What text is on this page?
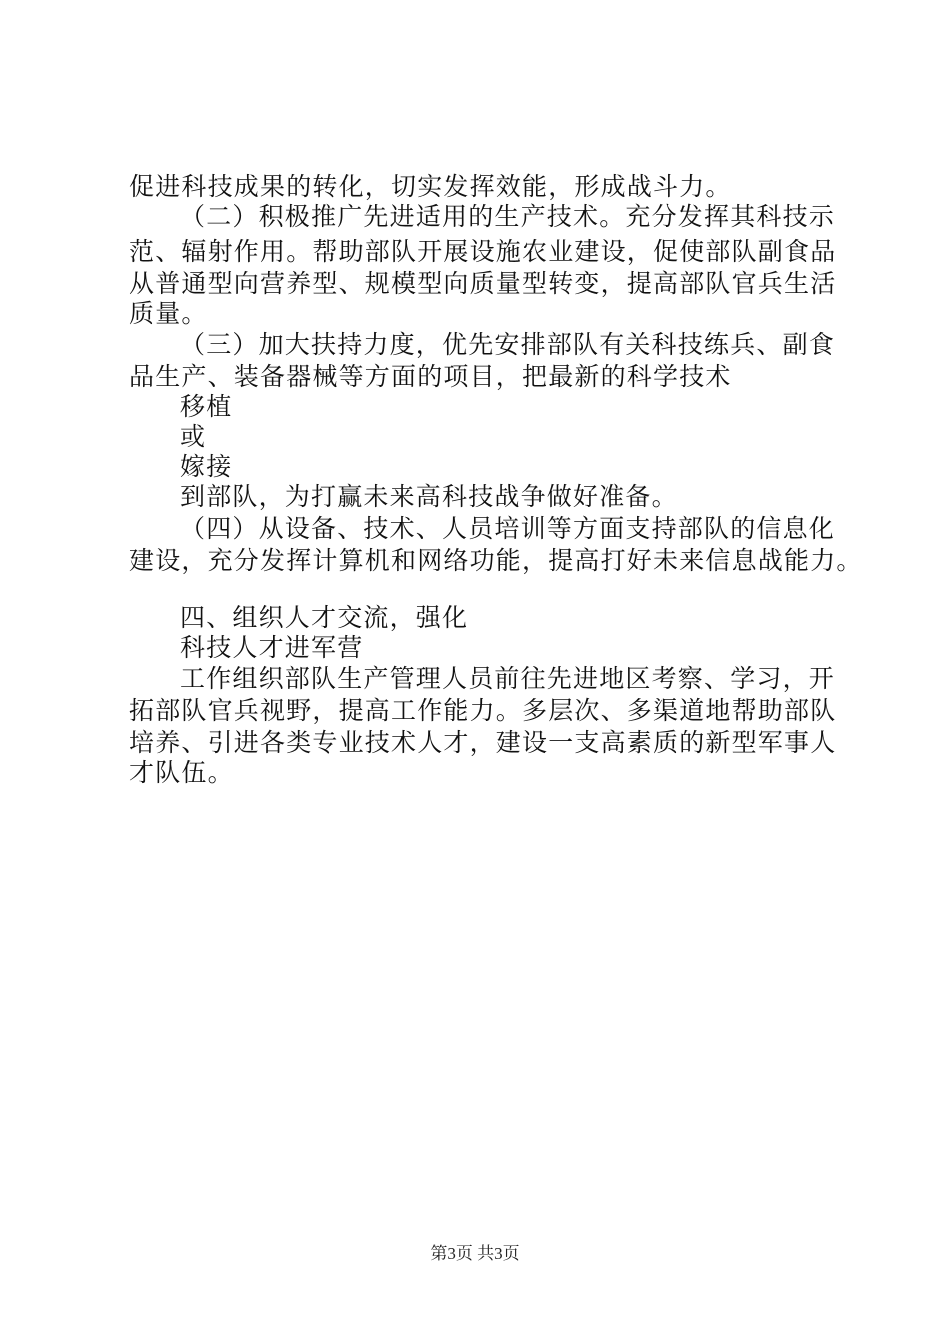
促进科技成果的转化，切实发挥效能，形成战斗力。
（二）积极推广先进适用的生产技术。充分发挥其科技示
范、辐射作用。帮助部队开展设施农业建设，促使部队副食品
从普通型向营养型、规模型向质量型转变，提高部队官兵生活
质量。
（三）加大扶持力度，优先安排部队有关科技练兵、副食
品生产、装备器械等方面的项目，把最新的科学技术
移植
或
嫁接
到部队，为打赢未来高科技战争做好准备。
（四）从设备、技术、人员培训等方面支持部队的信息化
建设，充分发挥计算机和网络功能，提高打好未来信息战能力。
四、组织人才交流，强化
科技人才进军营
工作组织部队生产管理人员前往先进地区考察、学习，开
拓部队官兵视野，提高工作能力。多层次、多渠道地帮助部队
培养、引进各类专业技术人才，建设一支高素质的新型军事人
才队伍。
第3页 共3页
